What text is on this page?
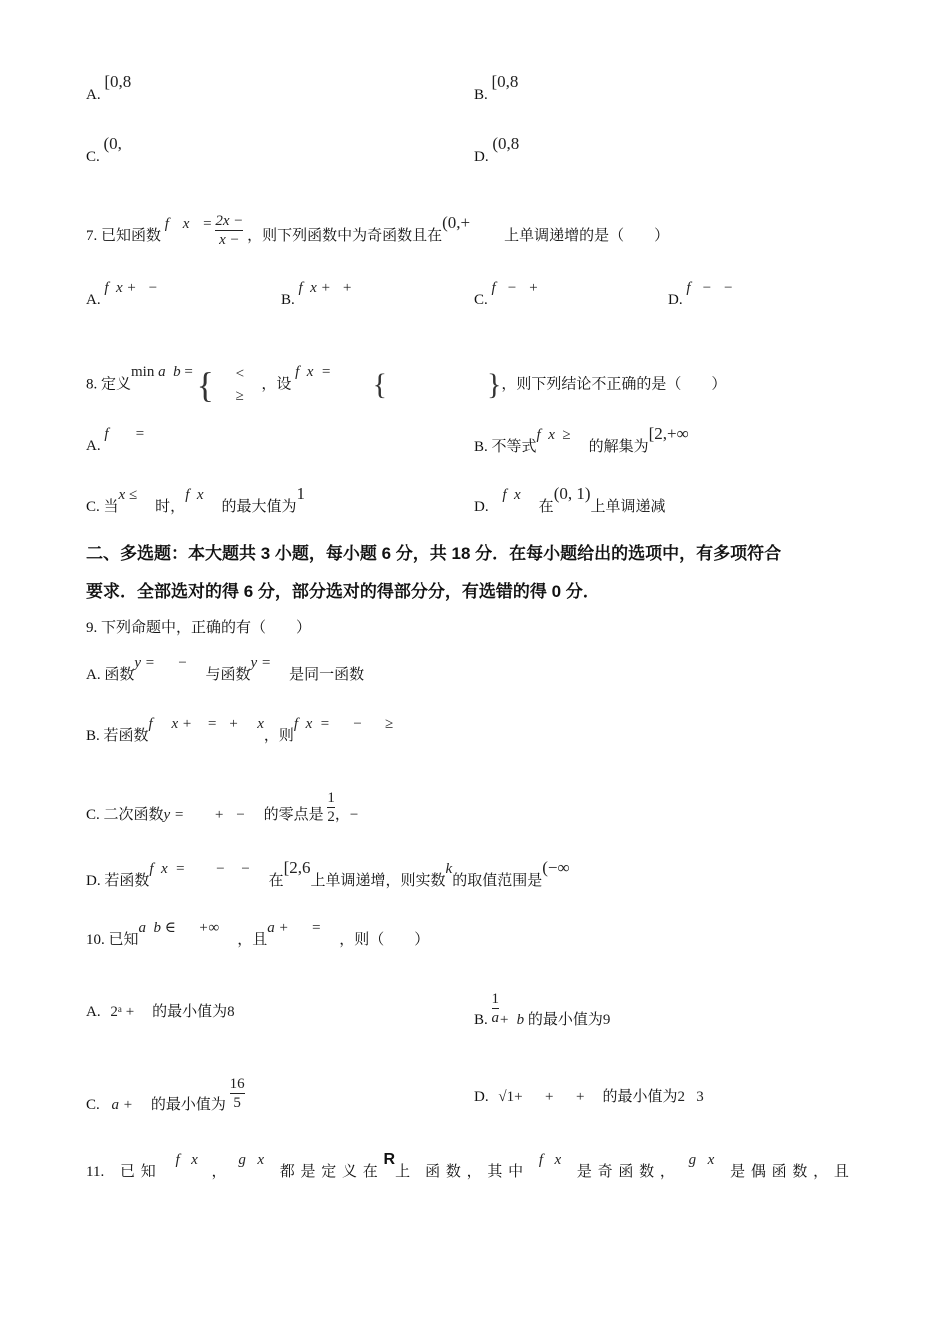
A. [0,8
B. [0,8
C. (0,
D. (0,8
7. 已知函数 f $x = \frac{2x -}{x -}$ ，则下列函数中为奇函数且在(0,+上单调递增的是（　　）
A. f  x +   −
B. f  x +   +
C. f   −   +
D. f   −   −
8. 定义min a  b = {	<
≥
，设 f  x  = {	}，则下列结论不正确的是（　　）
A. f       =
B. 不等式f  x  ≥的解集为[2,+∞
C. 当x ≤时，f  x的最大值为1
D. f  x在(0, 1)上单调递减
二、多选题：本大题共 3 小题，每小题 6 分，共 18 分．在每小题给出的选项中，有多项符合
要求．全部选对的得 6 分，部分选对的得部分分，有选错的得 0 分．
9. 下列命题中，正确的有（　　）
A. 函数y =      −与函数y =是同一函数
B. 若函数f     x +    =   +     x，则f  x  =      −      ≥
C. 二次函数y =        +   − 的零点是 $\frac{1}{2}$ ，−
D. 若函数f  x  =        −    −在[2,6上单调递增，则实数k的取值范围是(−∞
10. 已知a  b ∈      +∞，且a +      =，则（　　）
A. 2ᵃ + 的最小值为8	B. $\frac{1}{a} + b$ 的最小值为9
C. a + 的最小值为 $\frac{16}{5}$	D. √1+      +      + 的最小值为2   3
11. 已 知 f  x ， g  x 都 是 定 义 在 R上　函 数 ， 其 中 f  x 是 奇 函 数 ， g  x 是 偶 函 数 ， 且
